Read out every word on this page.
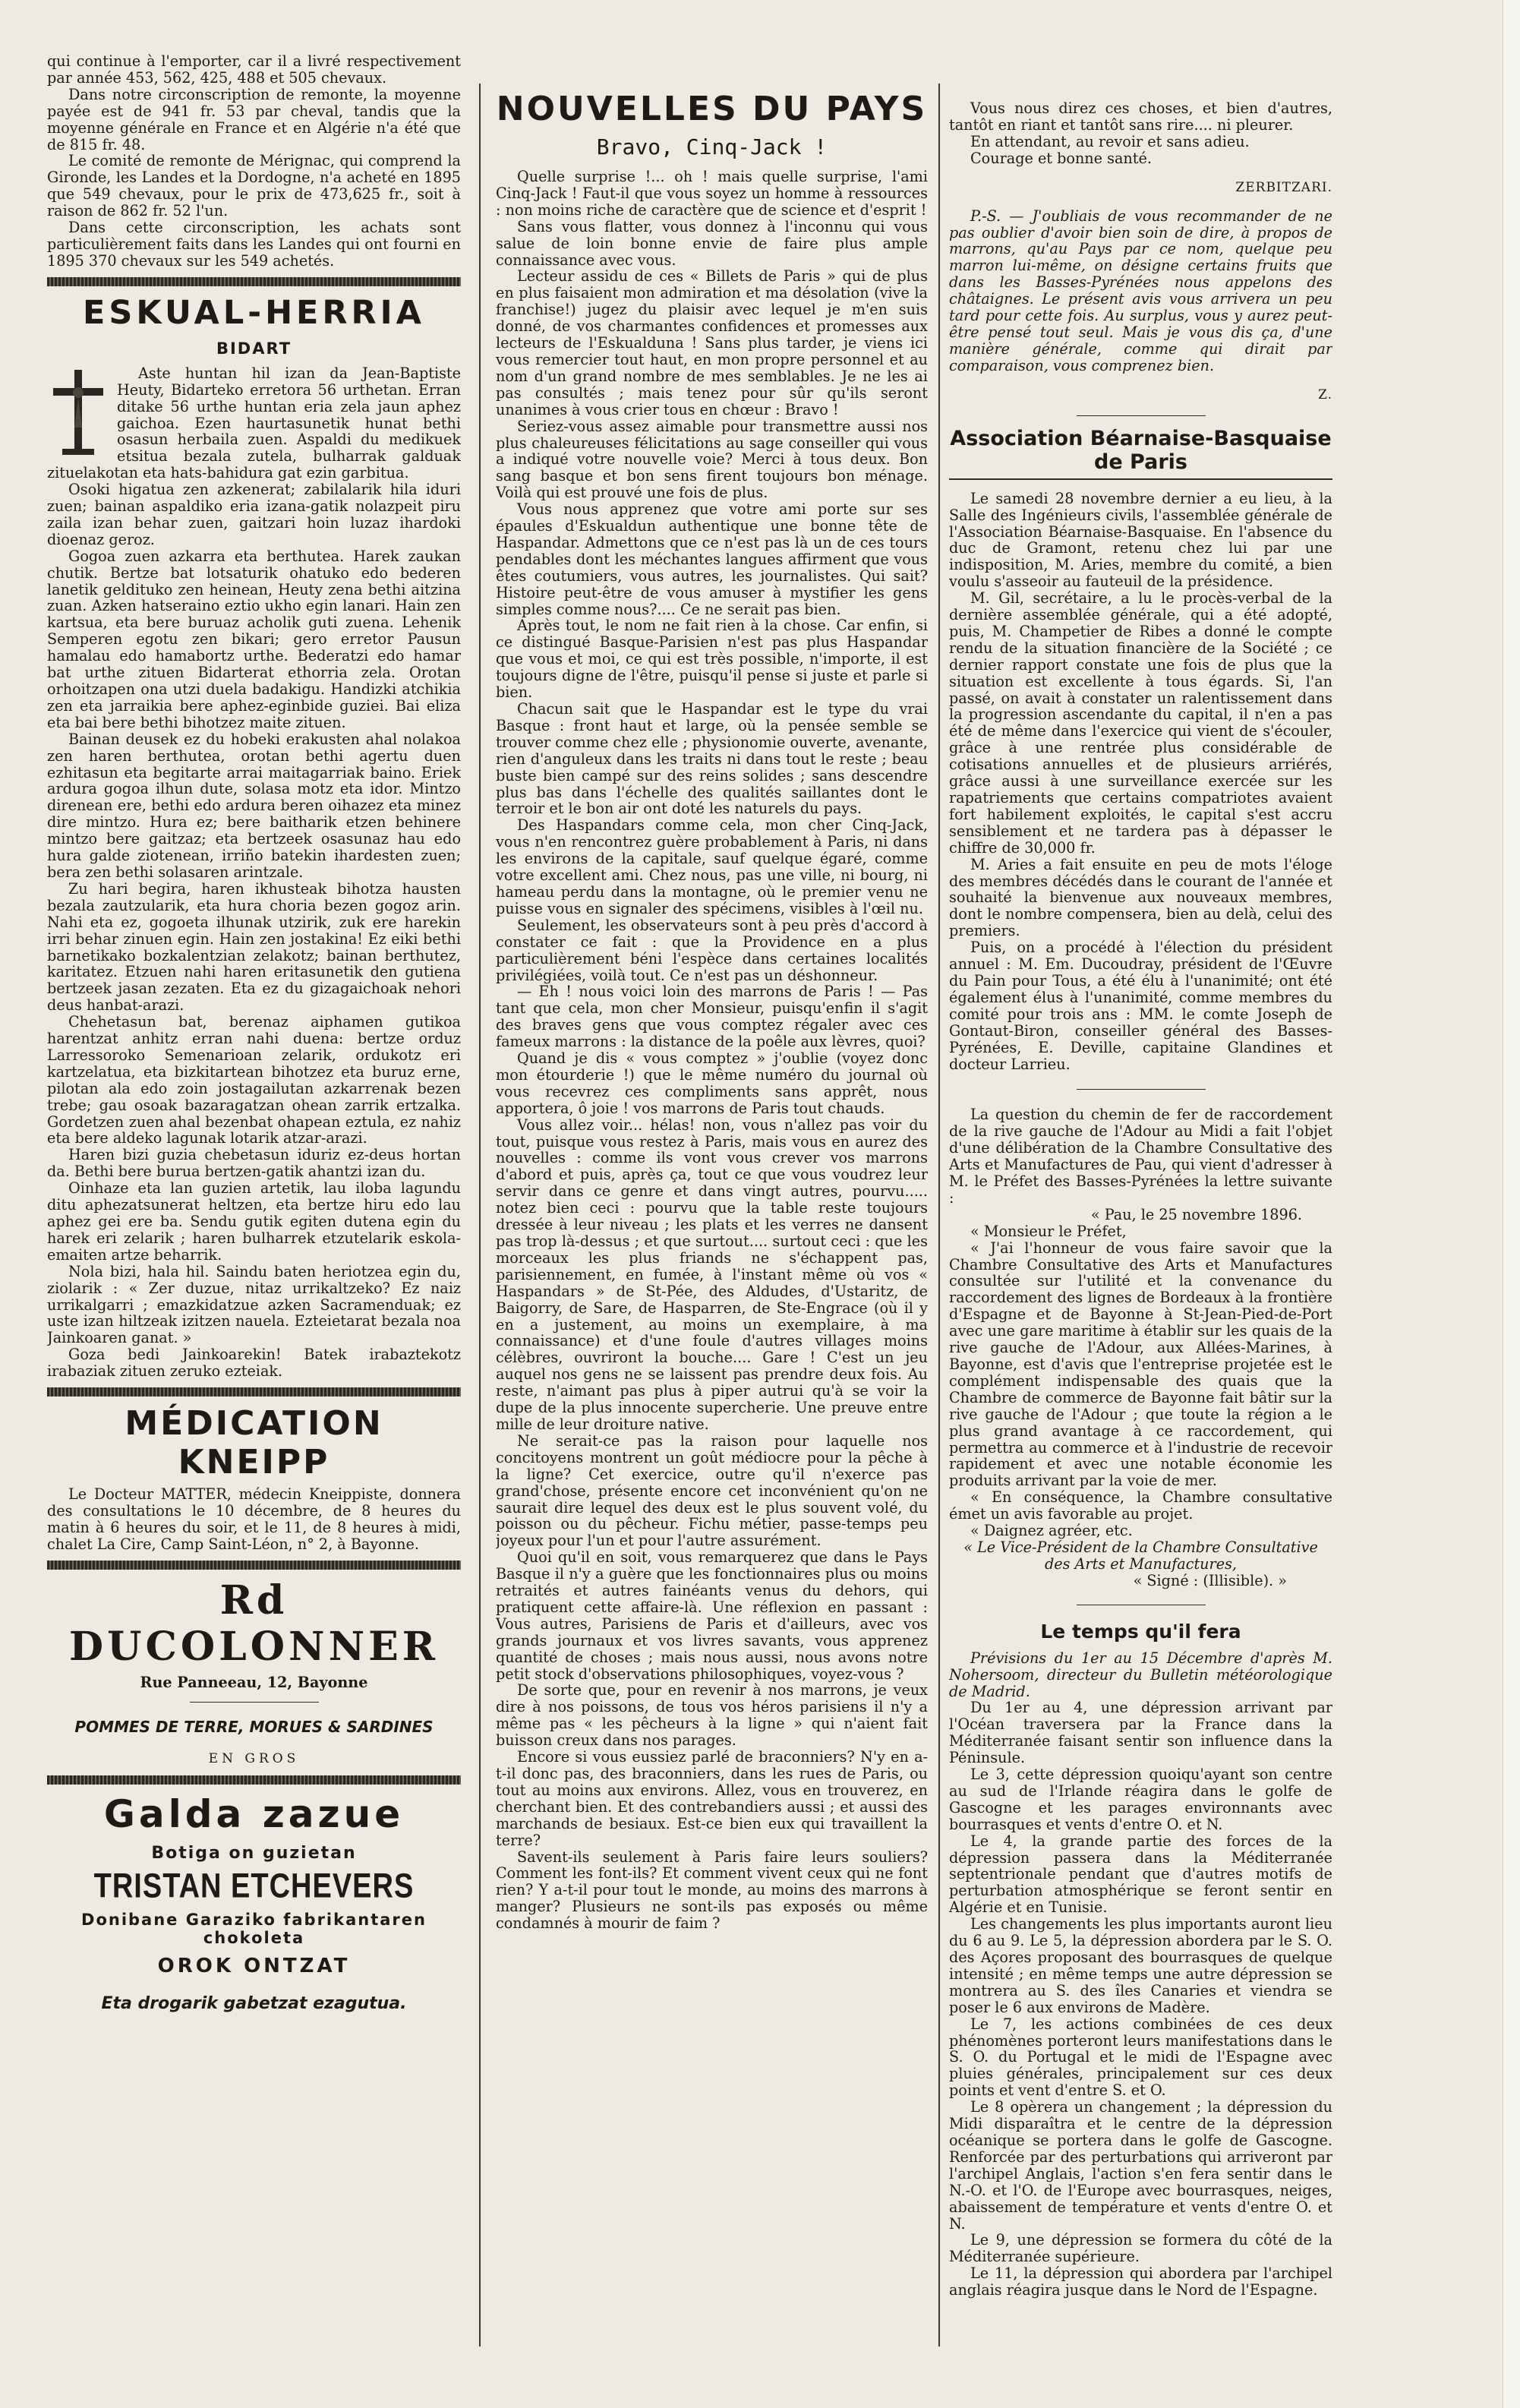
qui continue à l'emporter, car il a livré respectivement par année 453, 562, 425, 488 et 505 chevaux.

Dans notre circonscription de remonte, la moyenne payée est de 941 fr. 53 par cheval, tandis que la moyenne générale en France et en Algérie n'a été que de 815 fr. 48.

Le comité de remonte de Mérignac, qui comprend la Gironde, les Landes et la Dordogne, n'a acheté en 1895 que 549 chevaux, pour le prix de 473,625 fr., soit à raison de 862 fr. 52 l'un.

Dans cette circonscription, les achats sont particulièrement faits dans les Landes qui ont fourni en 1895 370 chevaux sur les 549 achetés.

ESKUAL-HERRIA
BIDART

Aste huntan hil izan da Jean-Baptiste Heuty, Bidarteko erretora 56 urthetan. Erran ditake 56 urthe huntan eria zela jaun aphez gaichoa. Ezen haurtasunetik hunat bethi osasun herbaila zuen. Aspaldi du medikuek etsitua bezala zutela, bulharrak galduak zituelakotan eta hats-bahidura gat ezin garbitua.

Osoki higatua zen azkenerat; zabilalarik hila iduri zuen; bainan aspaldiko eria izana-gatik nolazpeit piru zaila izan behar zuen, gaitzari hoin luzaz ihardoki dioenaz geroz.

Gogoa zuen azkarra eta berthutea. Harek zaukan chutik. Bertze bat lotsaturik ohatuko edo bederen lanetik geldituko zen heinean, Heuty zena bethi aitzina zuan. Azken hatseraino eztio ukho egin lanari. Hain zen kartsua, eta bere buruaz acholik guti zuena. Lehenik Semperen egotu zen bikari; gero erretor Pausun hamalau edo hamabortz urthe. Bederatzi edo hamar bat urthe zituen Bidarterat ethorria zela. Orotan orhoitzapen ona utzi duela badakigu. Handizki atchikia zen eta jarraikia bere aphez-eginbide guziei. Bai eliza eta bai bere bethi bihotzez maite zituen.

Bainan deusek ez du hobeki erakusten ahal nolakoa zen haren berthutea, orotan bethi agertu duen ezhitasun eta begitarte arrai maitagarriak baino. Eriek ardura gogoa ilhun dute, solasa motz eta idor. Mintzo direnean ere, bethi edo ardura beren oihazez eta minez dire mintzo. Hura ez; bere baitharik etzen behinere mintzo bere gaitzaz; eta bertzeek osasunaz hau edo hura galde ziotenean, irriño batekin ihardesten zuen; bera zen bethi solasaren arintzale.

Zu hari begira, haren ikhusteak bihotza hausten bezala zautzularik, eta hura choria bezen gogoz arin. Nahi eta ez, gogoeta ilhunak utzirik, zuk ere harekin irri behar zinuen egin. Hain zen jostakina! Ez eiki bethi barnetikako bozkalentzian zelakotz; bainan berthutez, karitatez. Etzuen nahi haren eritasunetik den gutiena bertzeek jasan zezaten. Eta ez du gizagaichoak nehori deus hanbat-arazi.

Chehetasun bat, berenaz aiphamen gutikoa harentzat anhitz erran nahi duena: bertze orduz Larressoroko Semenarioan zelarik, ordukotz eri kartzelatua, eta bizkitartean bihotzez eta buruz erne, pilotan ala edo zoin jostagailutan azkarrenak bezen trebe; gau osoak bazaragatzan ohean zarrik ertzalka. Gordetzen zuen ahal bezenbat ohapean eztula, ez nahiz eta bere aldeko lagunak lotarik atzar-arazi.

Haren bizi guzia chebetasun iduriz ez-deus hortan da. Bethi bere burua bertzen-gatik ahantzi izan du.

Oinhaze eta lan guzien artetik, lau iloba lagundu ditu aphezatsunerat heltzen, eta bertze hiru edo lau aphez gei ere ba. Sendu gutik egiten dutena egin du harek eri zelarik ; haren bulharrek etzutelarik eskola-emaiten artze beharrik.

Nola bizi, hala hil. Saindu baten heriotzea egin du, ziolarik : « Zer duzue, nitaz urrikaltzeko? Ez naiz urrikalgarri ; emazkidatzue azken Sacramenduak; ez uste izan hiltzeak izitzen nauela. Ezteietarat bezala noa Jainkoaren ganat. »

Goza bedi Jainkoarekin! Batek irabaztekotz irabaziak zituen zeruko ezteiak.

MÉDICATION KNEIPP

Le Docteur MATTER, médecin Kneippiste, donnera des consultations le 10 décembre, de 8 heures du matin à 6 heures du soir, et le 11, de 8 heures à midi, chalet La Cire, Camp Saint-Léon, n° 2, à Bayonne.

Rd DUCOLONNER

Rue Panneeau, 12, Bayonne

POMMES DE TERRE, MORUES & SARDINES

EN GROS

Galda zazue
Botiga on guzietan
TRISTAN ETCHEVERS
Donibane Garaziko fabrikantaren chokoleta
OROK ONTZAT

Eta drogarik gabetzat ezagutua.

NOUVELLES DU PAYS
Bravo, Cinq-Jack !

Quelle surprise !... oh ! mais quelle surprise, l'ami Cinq-Jack ! Faut-il que vous soyez un homme à ressources : non moins riche de caractère que de science et d'esprit !

Sans vous flatter, vous donnez à l'inconnu qui vous salue de loin bonne envie de faire plus ample connaissance avec vous.

Lecteur assidu de ces « Billets de Paris » qui de plus en plus faisaient mon admiration et ma désolation (vive la franchise!) jugez du plaisir avec lequel je m'en suis donné, de vos charmantes confidences et promesses aux lecteurs de l'Eskualduna ! Sans plus tarder, je viens ici vous remercier tout haut, en mon propre personnel et au nom d'un grand nombre de mes semblables. Je ne les ai pas consultés ; mais tenez pour sûr qu'ils seront unanimes à vous crier tous en chœur : Bravo !

Seriez-vous assez aimable pour transmettre aussi nos plus chaleureuses félicitations au sage conseiller qui vous a indiqué votre nouvelle voie? Merci à tous deux. Bon sang basque et bon sens firent toujours bon ménage. Voilà qui est prouvé une fois de plus.

Vous nous apprenez que votre ami porte sur ses épaules d'Eskualdun authentique une bonne tête de Haspandar. Admettons que ce n'est pas là un de ces tours pendables dont les méchantes langues affirment que vous êtes coutumiers, vous autres, les journalistes. Qui sait? Histoire peut-être de vous amuser à mystifier les gens simples comme nous?.... Ce ne serait pas bien.

Après tout, le nom ne fait rien à la chose. Car enfin, si ce distingué Basque-Parisien n'est pas plus Haspandar que vous et moi, ce qui est très possible, n'importe, il est toujours digne de l'être, puisqu'il pense si juste et parle si bien.

Chacun sait que le Haspandar est le type du vrai Basque : front haut et large, où la pensée semble se trouver comme chez elle ; physionomie ouverte, avenante, rien d'anguleux dans les traits ni dans tout le reste ; beau buste bien campé sur des reins solides ; sans descendre plus bas dans l'échelle des qualités saillantes dont le terroir et le bon air ont doté les naturels du pays.

Des Haspandars comme cela, mon cher Cinq-Jack, vous n'en rencontrez guère probablement à Paris, ni dans les environs de la capitale, sauf quelque égaré, comme votre excellent ami. Chez nous, pas une ville, ni bourg, ni hameau perdu dans la montagne, où le premier venu ne puisse vous en signaler des spécimens, visibles à l'œil nu.

Seulement, les observateurs sont à peu près d'accord à constater ce fait : que la Providence en a plus particulièrement béni l'espèce dans certaines localités privilégiées, voilà tout. Ce n'est pas un déshonneur.

— Eh ! nous voici loin des marrons de Paris ! — Pas tant que cela, mon cher Monsieur, puisqu'enfin il s'agit des braves gens que vous comptez régaler avec ces fameux marrons : la distance de la poêle aux lèvres, quoi?

Quand je dis « vous comptez » j'oublie (voyez donc mon étourderie !) que le même numéro du journal où vous recevrez ces compliments sans apprêt, nous apportera, ô joie ! vos marrons de Paris tout chauds.

Vous allez voir... hélas! non, vous n'allez pas voir du tout, puisque vous restez à Paris, mais vous en aurez des nouvelles : comme ils vont vous crever vos marrons d'abord et puis, après ça, tout ce que vous voudrez leur servir dans ce genre et dans vingt autres, pourvu..... notez bien ceci : pourvu que la table reste toujours dressée à leur niveau ; les plats et les verres ne dansent pas trop là-dessus ; et que surtout.... surtout ceci : que les morceaux les plus friands ne s'échappent pas, parisiennement, en fumée, à l'instant même où vos « Haspandars » de St-Pée, des Aldudes, d'Ustaritz, de Baigorry, de Sare, de Hasparren, de Ste-Engrace (où il y en a justement, au moins un exemplaire, à ma connaissance) et d'une foule d'autres villages moins célèbres, ouvriront la bouche.... Gare ! C'est un jeu auquel nos gens ne se laissent pas prendre deux fois. Au reste, n'aimant pas plus à piper autrui qu'à se voir la dupe de la plus innocente supercherie. Une preuve entre mille de leur droiture native.

Ne serait-ce pas la raison pour laquelle nos concitoyens montrent un goût médiocre pour la pêche à la ligne? Cet exercice, outre qu'il n'exerce pas grand'chose, présente encore cet inconvénient qu'on ne saurait dire lequel des deux est le plus souvent volé, du poisson ou du pêcheur. Fichu métier, passe-temps peu joyeux pour l'un et pour l'autre assurément.

Quoi qu'il en soit, vous remarquerez que dans le Pays Basque il n'y a guère que les fonctionnaires plus ou moins retraités et autres fainéants venus du dehors, qui pratiquent cette affaire-là. Une réflexion en passant : Vous autres, Parisiens de Paris et d'ailleurs, avec vos grands journaux et vos livres savants, vous apprenez quantité de choses ; mais nous aussi, nous avons notre petit stock d'observations philosophiques, voyez-vous ?

De sorte que, pour en revenir à nos marrons, je veux dire à nos poissons, de tous vos héros parisiens il n'y a même pas « les pêcheurs à la ligne » qui n'aient fait buisson creux dans nos parages.

Encore si vous eussiez parlé de braconniers? N'y en a-t-il donc pas, des braconniers, dans les rues de Paris, ou tout au moins aux environs. Allez, vous en trouverez, en cherchant bien. Et des contrebandiers aussi ; et aussi des marchands de besiaux. Est-ce bien eux qui travaillent la terre?

Savent-ils seulement à Paris faire leurs souliers? Comment les font-ils? Et comment vivent ceux qui ne font rien? Y a-t-il pour tout le monde, au moins des marrons à manger? Plusieurs ne sont-ils pas exposés ou même condamnés à mourir de faim ?

Vous nous direz ces choses, et bien d'autres, tantôt en riant et tantôt sans rire.... ni pleurer.

En attendant, au revoir et sans adieu.

Courage et bonne santé.

ZERBITZARI.

P.-S. — J'oubliais de vous recommander de ne pas oublier d'avoir bien soin de dire, à propos de marrons, qu'au Pays par ce nom, quelque peu marron lui-même, on désigne certains fruits que dans les Basses-Pyrénées nous appelons des châtaignes. Le présent avis vous arrivera un peu tard pour cette fois. Au surplus, vous y aurez peut-être pensé tout seul. Mais je vous dis ça, d'une manière générale, comme qui dirait par comparaison, vous comprenez bien.

Z.

Association Béarnaise-Basquaise de Paris

Le samedi 28 novembre dernier a eu lieu, à la Salle des Ingénieurs civils, l'assemblée générale de l'Association Béarnaise-Basquaise. En l'absence du duc de Gramont, retenu chez lui par une indisposition, M. Aries, membre du comité, a bien voulu s'asseoir au fauteuil de la présidence.

M. Gil, secrétaire, a lu le procès-verbal de la dernière assemblée générale, qui a été adopté, puis, M. Champetier de Ribes a donné le compte rendu de la situation financière de la Société ; ce dernier rapport constate une fois de plus que la situation est excellente à tous égards. Si, l'an passé, on avait à constater un ralentissement dans la progression ascendante du capital, il n'en a pas été de même dans l'exercice qui vient de s'écouler, grâce à une rentrée plus considérable de cotisations annuelles et de plusieurs arriérés, grâce aussi à une surveillance exercée sur les rapatriements que certains compatriotes avaient fort habilement exploités, le capital s'est accru sensiblement et ne tardera pas à dépasser le chiffre de 30,000 fr.

M. Aries a fait ensuite en peu de mots l'éloge des membres décédés dans le courant de l'année et souhaité la bienvenue aux nouveaux membres, dont le nombre compensera, bien au delà, celui des premiers.

Puis, on a procédé à l'élection du président annuel : M. Em. Ducoudray, président de l'Œuvre du Pain pour Tous, a été élu à l'unanimité; ont été également élus à l'unanimité, comme membres du comité pour trois ans : MM. le comte Joseph de Gontaut-Biron, conseiller général des Basses-Pyrénées, E. Deville, capitaine Glandines et docteur Larrieu.

La question du chemin de fer de raccordement de la rive gauche de l'Adour au Midi a fait l'objet d'une délibération de la Chambre Consultative des Arts et Manufactures de Pau, qui vient d'adresser à M. le Préfet des Basses-Pyrénées la lettre suivante :

« Pau, le 25 novembre 1896.

« Monsieur le Préfet,

« J'ai l'honneur de vous faire savoir que la Chambre Consultative des Arts et Manufactures consultée sur l'utilité et la convenance du raccordement des lignes de Bordeaux à la frontière d'Espagne et de Bayonne à St-Jean-Pied-de-Port avec une gare maritime à établir sur les quais de la rive gauche de l'Adour, aux Allées-Marines, à Bayonne, est d'avis que l'entreprise projetée est le complément indispensable des quais que la Chambre de commerce de Bayonne fait bâtir sur la rive gauche de l'Adour ; que toute la région a le plus grand avantage à ce raccordement, qui permettra au commerce et à l'industrie de recevoir rapidement et avec une notable économie les produits arrivant par la voie de mer.

« En conséquence, la Chambre consultative émet un avis favorable au projet.

« Daignez agréer, etc.

« Le Vice-Président de la Chambre Consultative des Arts et Manufactures,

« Signé : (Illisible). »

Le temps qu'il fera

Prévisions du 1er au 15 Décembre d'après M. Nohersoom, directeur du Bulletin météorologique de Madrid.

Du 1er au 4, une dépression arrivant par l'Océan traversera par la France dans la Méditerranée faisant sentir son influence dans la Péninsule.

Le 3, cette dépression quoiqu'ayant son centre au sud de l'Irlande réagira dans le golfe de Gascogne et les parages environnants avec bourrasques et vents d'entre O. et N.

Le 4, la grande partie des forces de la dépression passera dans la Méditerranée septentrionale pendant que d'autres motifs de perturbation atmosphérique se feront sentir en Algérie et en Tunisie.

Les changements les plus importants auront lieu du 6 au 9. Le 5, la dépression abordera par le S. O. des Açores proposant des bourrasques de quelque intensité ; en même temps une autre dépression se montrera au S. des îles Canaries et viendra se poser le 6 aux environs de Madère.

Le 7, les actions combinées de ces deux phénomènes porteront leurs manifestations dans le S. O. du Portugal et le midi de l'Espagne avec pluies générales, principalement sur ces deux points et vent d'entre S. et O.

Le 8 opèrera un changement ; la dépression du Midi disparaîtra et le centre de la dépression océanique se portera dans le golfe de Gascogne. Renforcée par des perturbations qui arriveront par l'archipel Anglais, l'action s'en fera sentir dans le N.-O. et l'O. de l'Europe avec bourrasques, neiges, abaissement de température et vents d'entre O. et N.

Le 9, une dépression se formera du côté de la Méditerranée supérieure.

Le 11, la dépression qui abordera par l'archipel anglais réagira jusque dans le Nord de l'Espagne.
